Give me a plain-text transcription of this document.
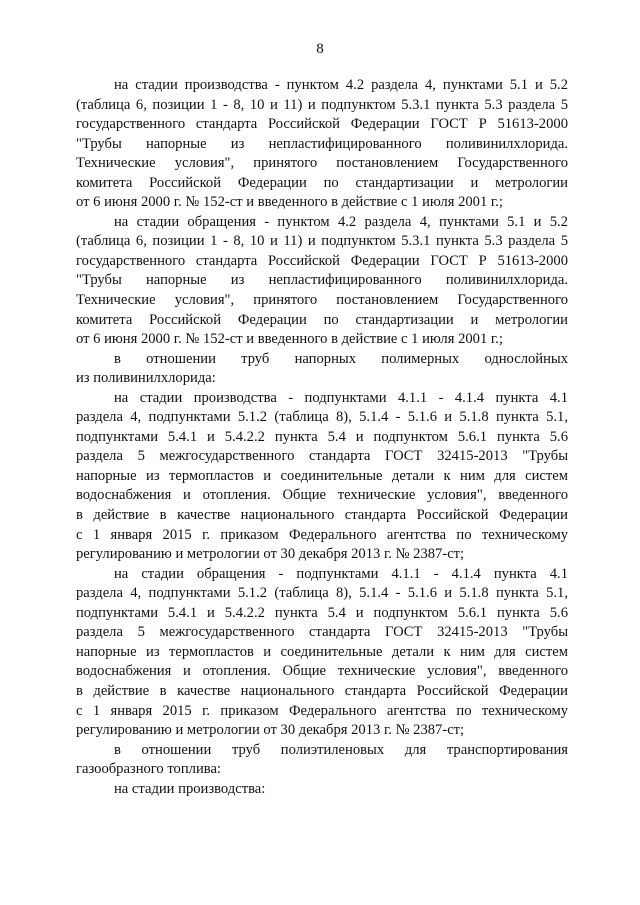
8
на стадии производства - пунктом 4.2 раздела 4, пунктами 5.1 и 5.2
(таблица 6, позиции 1 - 8, 10 и 11) и подпунктом 5.3.1 пункта 5.3 раздела 5
государственного стандарта Российской Федерации ГОСТ Р 51613-2000
"Трубы напорные из непластифицированного поливинилхлорида.
Технические условия", принятого постановлением Государственного
комитета Российской Федерации по стандартизации и метрологии
от 6 июня 2000 г. № 152-ст и введенного в действие с 1 июля 2001 г.;
на стадии обращения - пунктом 4.2 раздела 4, пунктами 5.1 и 5.2
(таблица 6, позиции 1 - 8, 10 и 11) и подпунктом 5.3.1 пункта 5.3 раздела 5
государственного стандарта Российской Федерации ГОСТ Р 51613-2000
"Трубы напорные из непластифицированного поливинилхлорида.
Технические условия", принятого постановлением Государственного
комитета Российской Федерации по стандартизации и метрологии
от 6 июня 2000 г. № 152-ст и введенного в действие с 1 июля 2001 г.;
в отношении труб напорных полимерных однослойных
из поливинилхлорида:
на стадии производства - подпунктами 4.1.1 - 4.1.4 пункта 4.1
раздела 4, подпунктами 5.1.2 (таблица 8), 5.1.4 - 5.1.6 и 5.1.8 пункта 5.1,
подпунктами 5.4.1 и 5.4.2.2 пункта 5.4 и подпунктом 5.6.1 пункта 5.6
раздела 5 межгосударственного стандарта ГОСТ 32415-2013 "Трубы
напорные из термопластов и соединительные детали к ним для систем
водоснабжения и отопления. Общие технические условия", введенного
в действие в качестве национального стандарта Российской Федерации
с 1 января 2015 г. приказом Федерального агентства по техническому
регулированию и метрологии от 30 декабря 2013 г. № 2387-ст;
на стадии обращения - подпунктами 4.1.1 - 4.1.4 пункта 4.1
раздела 4, подпунктами 5.1.2 (таблица 8), 5.1.4 - 5.1.6 и 5.1.8 пункта 5.1,
подпунктами 5.4.1 и 5.4.2.2 пункта 5.4 и подпунктом 5.6.1 пункта 5.6
раздела 5 межгосударственного стандарта ГОСТ 32415-2013 "Трубы
напорные из термопластов и соединительные детали к ним для систем
водоснабжения и отопления. Общие технические условия", введенного
в действие в качестве национального стандарта Российской Федерации
с 1 января 2015 г. приказом Федерального агентства по техническому
регулированию и метрологии от 30 декабря 2013 г. № 2387-ст;
в отношении труб полиэтиленовых для транспортирования
газообразного топлива:
на стадии производства:
